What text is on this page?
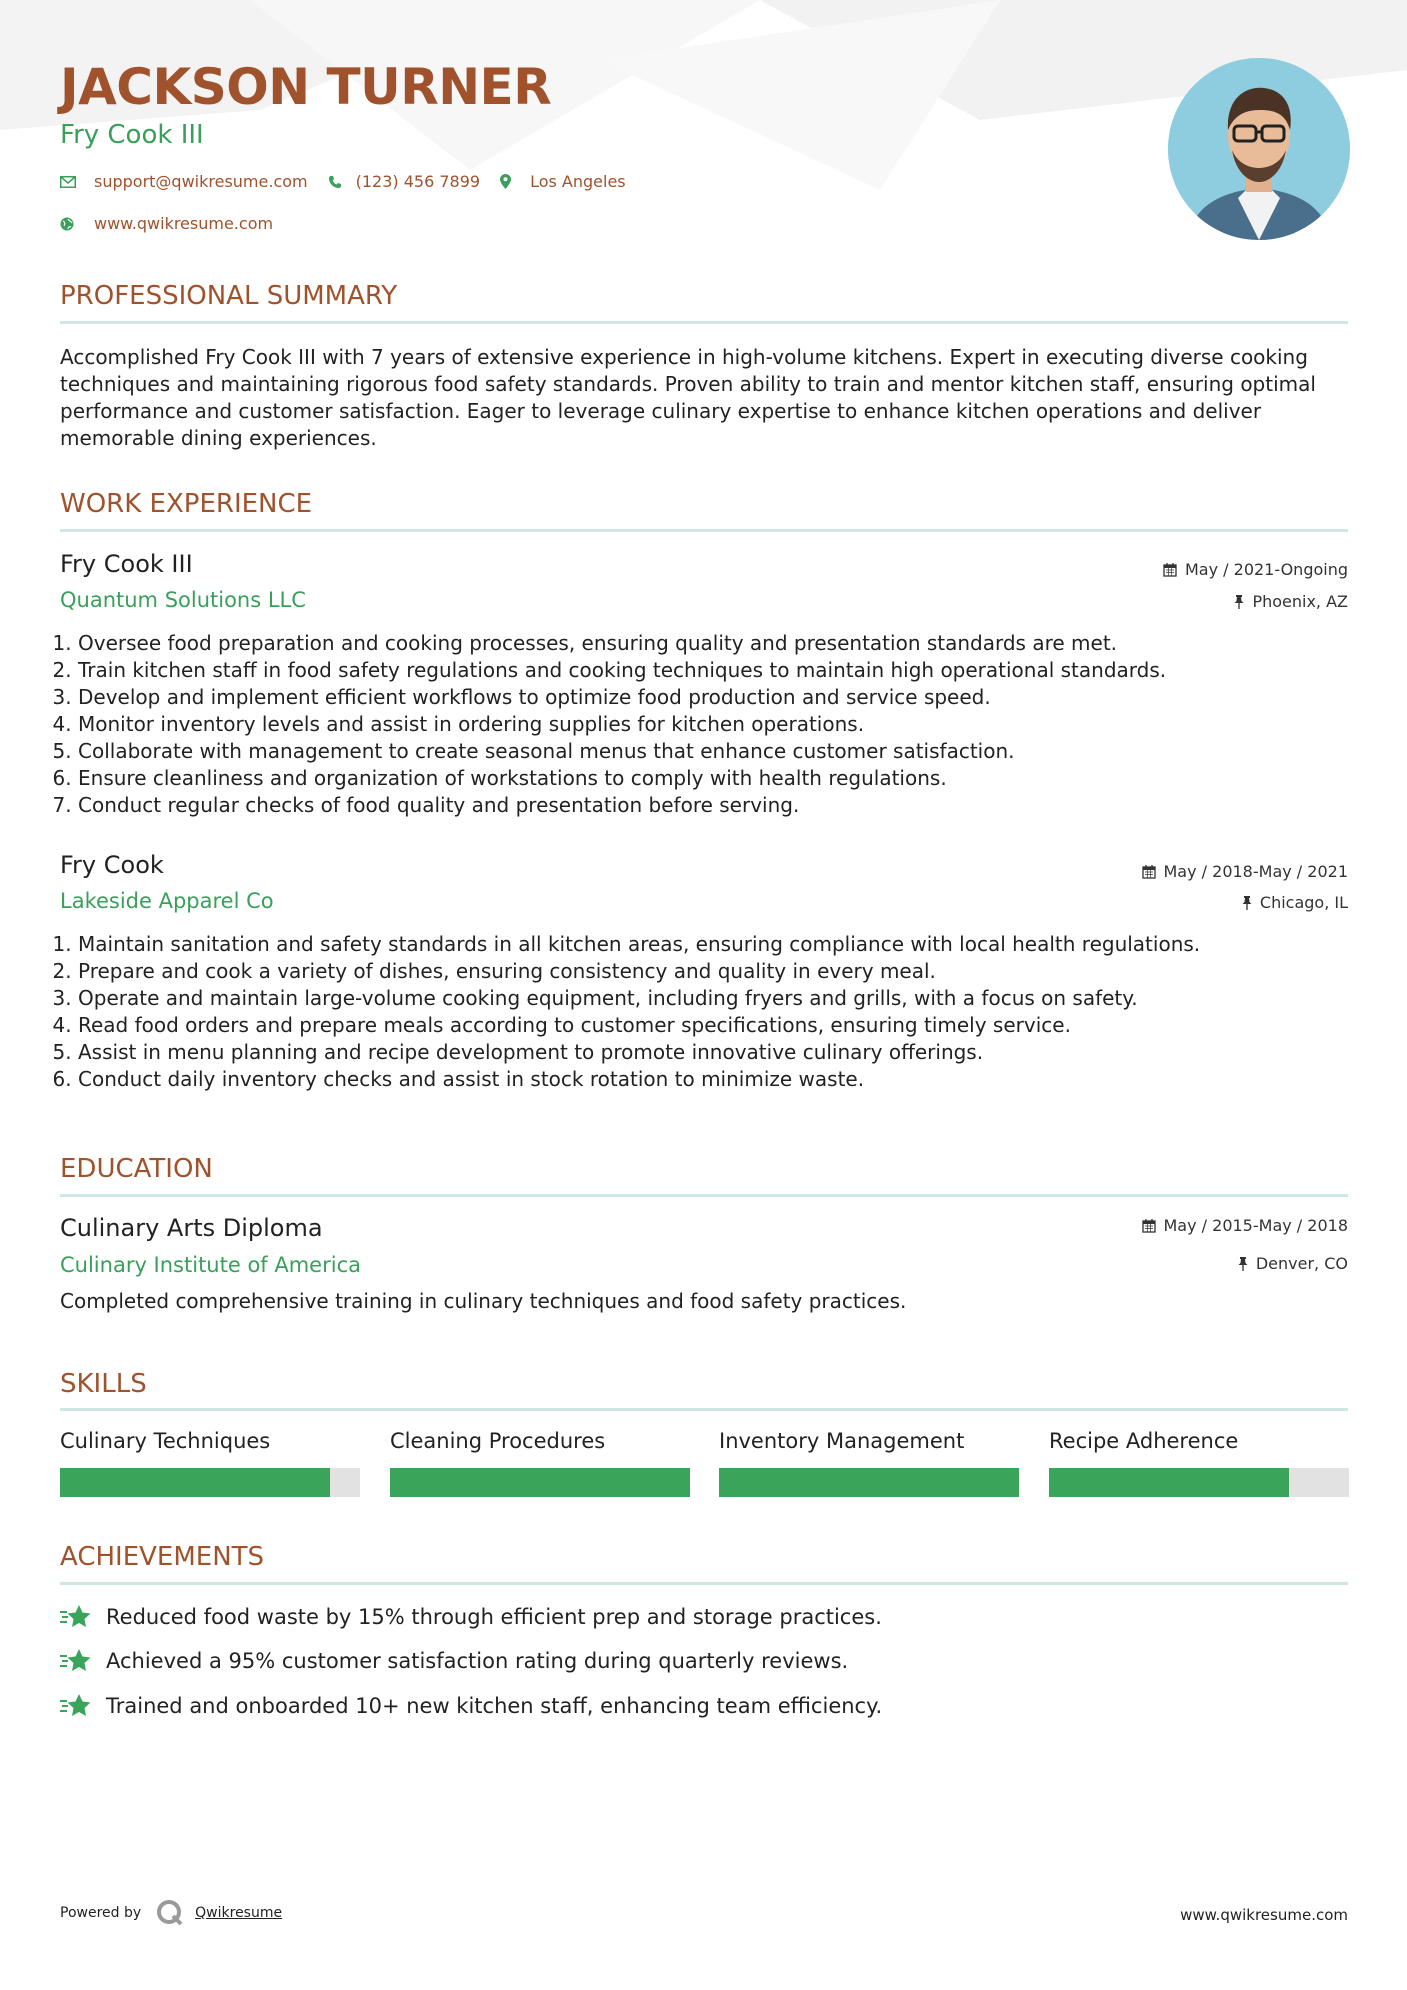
JACKSON TURNER
Fry Cook III
support@qwikresume.com	(123) 456 7899	Los Angeles
www.qwikresume.com
PROFESSIONAL SUMMARY
Accomplished Fry Cook III with 7 years of extensive experience in high-volume kitchens. Expert in executing diverse cooking techniques and maintaining rigorous food safety standards. Proven ability to train and mentor kitchen staff, ensuring optimal performance and customer satisfaction. Eager to leverage culinary expertise to enhance kitchen operations and deliver memorable dining experiences.
WORK EXPERIENCE
Fry Cook III
Quantum Solutions LLC
May / 2021-Ongoing
Phoenix, AZ
1. Oversee food preparation and cooking processes, ensuring quality and presentation standards are met.
2. Train kitchen staff in food safety regulations and cooking techniques to maintain high operational standards.
3. Develop and implement efficient workflows to optimize food production and service speed.
4. Monitor inventory levels and assist in ordering supplies for kitchen operations.
5. Collaborate with management to create seasonal menus that enhance customer satisfaction.
6. Ensure cleanliness and organization of workstations to comply with health regulations.
7. Conduct regular checks of food quality and presentation before serving.
Fry Cook
Lakeside Apparel Co
May / 2018-May / 2021
Chicago, IL
1. Maintain sanitation and safety standards in all kitchen areas, ensuring compliance with local health regulations.
2. Prepare and cook a variety of dishes, ensuring consistency and quality in every meal.
3. Operate and maintain large-volume cooking equipment, including fryers and grills, with a focus on safety.
4. Read food orders and prepare meals according to customer specifications, ensuring timely service.
5. Assist in menu planning and recipe development to promote innovative culinary offerings.
6. Conduct daily inventory checks and assist in stock rotation to minimize waste.
EDUCATION
Culinary Arts Diploma
Culinary Institute of America
May / 2015-May / 2018
Denver, CO
Completed comprehensive training in culinary techniques and food safety practices.
SKILLS
Culinary Techniques	Cleaning Procedures	Inventory Management	Recipe Adherence
ACHIEVEMENTS
Reduced food waste by 15% through efficient prep and storage practices.
Achieved a 95% customer satisfaction rating during quarterly reviews.
Trained and onboarded 10+ new kitchen staff, enhancing team efficiency.
Powered by	Qwikresume	www.qwikresume.com
